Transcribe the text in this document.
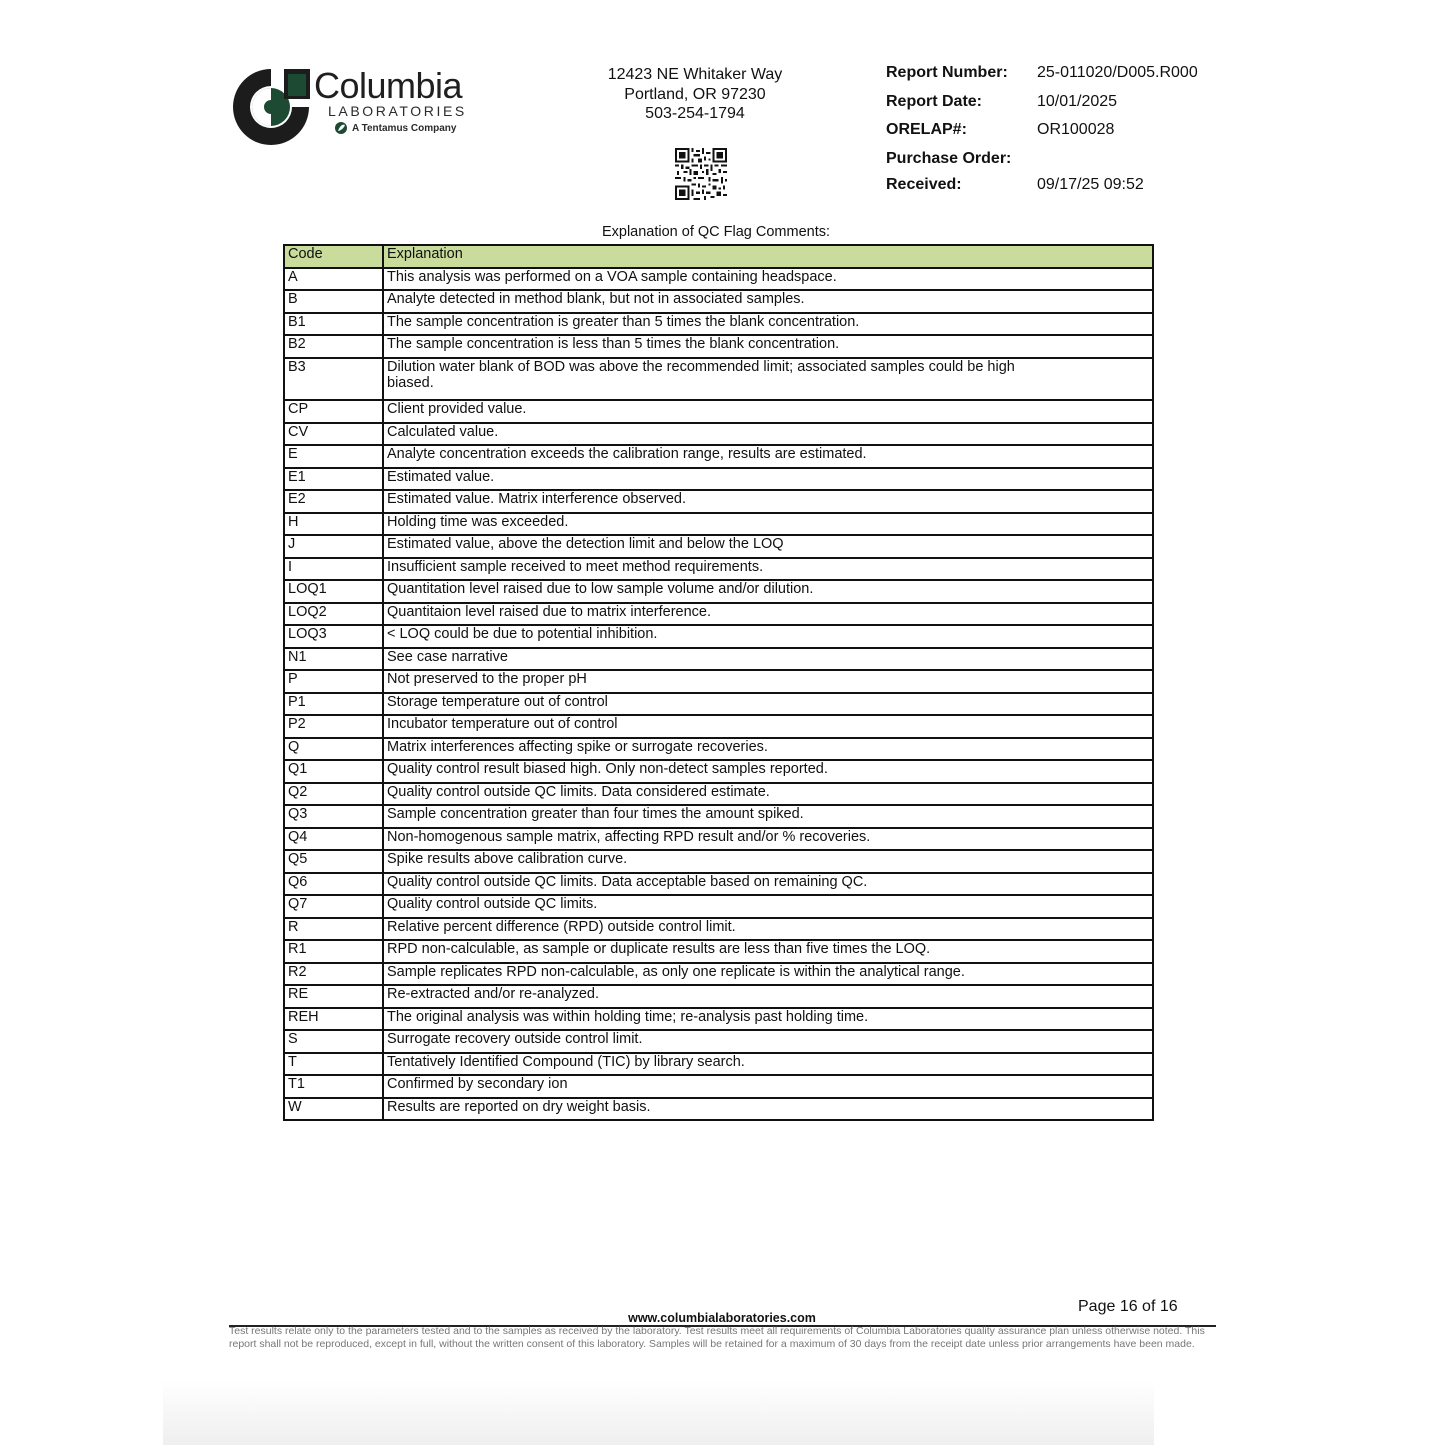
Columbia
LABORATORIES
A Tentamus Company
12423 NE Whitaker Way
Portland, OR 97230
503-254-1794
Report Number: 25-011020/D005.R000
Report Date:	10/01/2025
ORELAP#:	OR100028
Purchase Order:
Received:	09/17/25 09:52
Explanation of QC Flag Comments:
Code	Explanation
A	This analysis was performed on a VOA sample containing headspace.
B	Analyte detected in method blank, but not in associated samples.
B1	The sample concentration is greater than 5 times the blank concentration.
B2	The sample concentration is less than 5 times the blank concentration.
B3	Dilution water blank of BOD was above the recommended limit; associated samples could be high biased.
CP	Client provided value.
CV	Calculated value.
E	Analyte concentration exceeds the calibration range, results are estimated.
E1	Estimated value.
E2	Estimated value. Matrix interference observed.
H	Holding time was exceeded.
J	Estimated value, above the detection limit and below the LOQ
I	Insufficient sample received to meet method requirements.
LOQ1	Quantitation level raised due to low sample volume and/or dilution.
LOQ2	Quantitaion level raised due to matrix interference.
LOQ3	< LOQ could be due to potential inhibition.
N1	See case narrative
P	Not preserved to the proper pH
P1	Storage temperature out of control
P2	Incubator temperature out of control
Q	Matrix interferences affecting spike or surrogate recoveries.
Q1	Quality control result biased high. Only non-detect samples reported.
Q2	Quality control outside QC limits. Data considered estimate.
Q3	Sample concentration greater than four times the amount spiked.
Q4	Non-homogenous sample matrix, affecting RPD result and/or % recoveries.
Q5	Spike results above calibration curve.
Q6	Quality control outside QC limits. Data acceptable based on remaining QC.
Q7	Quality control outside QC limits.
R	Relative percent difference (RPD) outside control limit.
R1	RPD non-calculable, as sample or duplicate results are less than five times the LOQ.
R2	Sample replicates RPD non-calculable, as only one replicate is within the analytical range.
RE	Re-extracted and/or re-analyzed.
REH	The original analysis was within holding time; re-analysis past holding time.
S	Surrogate recovery outside control limit.
T	Tentatively Identified Compound (TIC) by library search.
T1	Confirmed by secondary ion
W	Results are reported on dry weight basis.
Page 16 of 16
www.columbialaboratories.com
Test results relate only to the parameters tested and to the samples as received by the laboratory. Test results meet all requirements of Columbia Laboratories quality assurance plan unless otherwise noted. This report shall not be reproduced, except in full, without the written consent of this laboratory. Samples will be retained for a maximum of 30 days from the receipt date unless prior arrangements have been made.
